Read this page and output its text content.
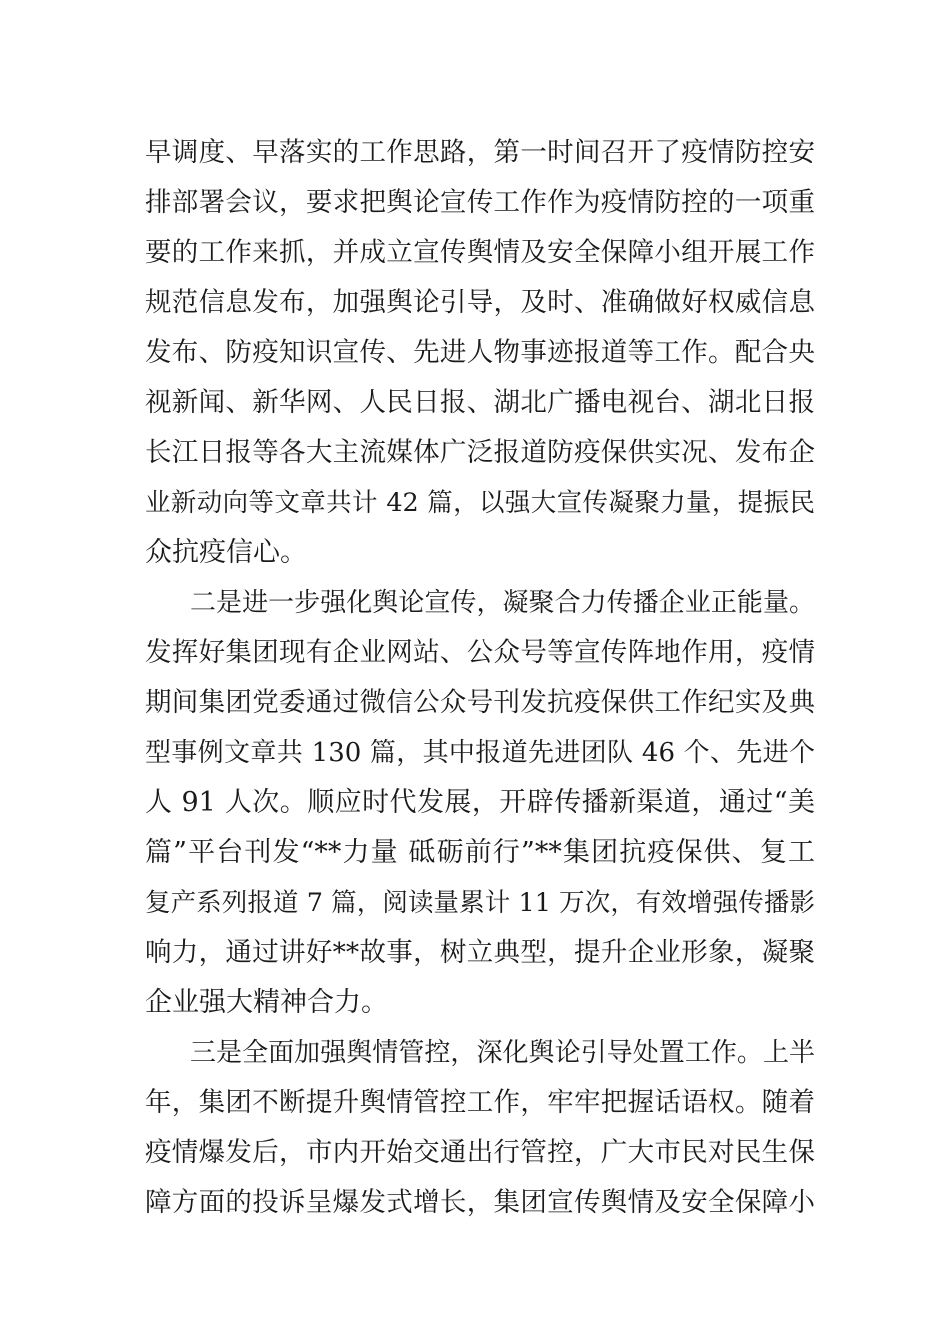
早调度、早落实的工作思路，第一时间召开了疫情防控安
排部署会议，要求把舆论宣传工作作为疫情防控的一项重
要的工作来抓，并成立宣传舆情及安全保障小组开展工作
规范信息发布，加强舆论引导，及时、准确做好权威信息
发布、防疫知识宣传、先进人物事迹报道等工作。配合央
视新闻、新华网、人民日报、湖北广播电视台、湖北日报
长江日报等各大主流媒体广泛报道防疫保供实况、发布企
业新动向等文章共计 42 篇，以强大宣传凝聚力量，提振民
众抗疫信心。
二是进一步强化舆论宣传，凝聚合力传播企业正能量。
发挥好集团现有企业网站、公众号等宣传阵地作用，疫情
期间集团党委通过微信公众号刊发抗疫保供工作纪实及典
型事例文章共 130 篇，其中报道先进团队 46 个、先进个
人 91 人次。顺应时代发展，开辟传播新渠道，通过“美
篇”平台刊发“**力量 砥砺前行”**集团抗疫保供、复工
复产系列报道 7 篇，阅读量累计 11 万次，有效增强传播影
响力，通过讲好**故事，树立典型，提升企业形象，凝聚
企业强大精神合力。
三是全面加强舆情管控，深化舆论引导处置工作。上半
年，集团不断提升舆情管控工作，牢牢把握话语权。随着
疫情爆发后，市内开始交通出行管控，广大市民对民生保
障方面的投诉呈爆发式增长，集团宣传舆情及安全保障小
